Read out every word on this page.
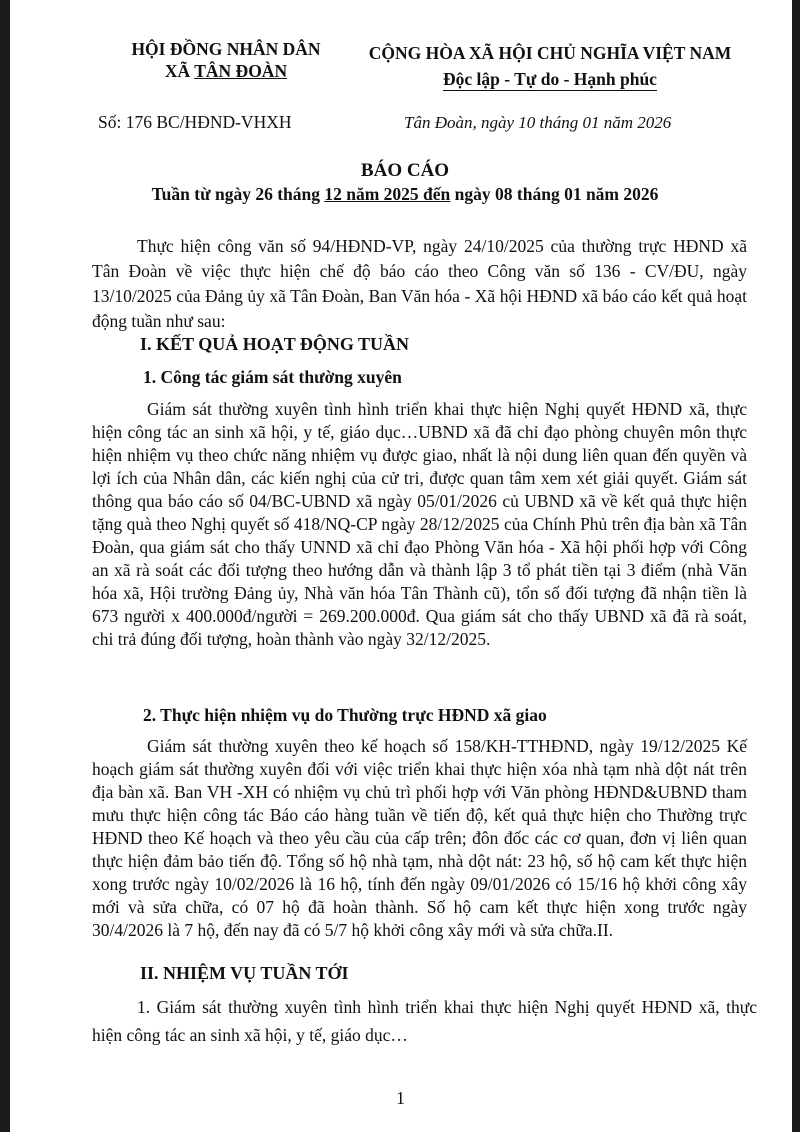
HỘI ĐỒNG NHÂN DÂN
XÃ TÂN ĐOÀN
CỘNG HÒA XÃ HỘI CHỦ NGHĨA VIỆT NAM
Độc lập - Tự do - Hạnh phúc
Số: 176 BC/HĐND-VHXH	Tân Đoàn, ngày 10 tháng 01 năm 2026
BÁO CÁO
Tuần từ ngày 26 tháng 12 năm 2025 đến ngày 08 tháng 01 năm 2026

Thực hiện công văn số 94/HĐND-VP, ngày 24/10/2025 của thường trực HĐND xã Tân Đoàn về việc thực hiện chế độ báo cáo theo Công văn số 136 - CV/ĐU, ngày 13/10/2025 của Đảng ủy xã Tân Đoàn, Ban Văn hóa - Xã hội HĐND xã báo cáo kết quả hoạt động tuần như sau:

I. KẾT QUẢ HOẠT ĐỘNG TUẦN

1. Công tác giám sát thường xuyên

Giám sát thường xuyên tình hình triển khai thực hiện Nghị quyết HĐND xã, thực hiện công tác an sinh xã hội, y tế, giáo dục…UBND xã đã chỉ đạo phòng chuyên môn thực hiện nhiệm vụ theo chức năng nhiệm vụ được giao, nhất là nội dung liên quan đến quyền và lợi ích của Nhân dân, các kiến nghị của cử tri, được quan tâm xem xét giải quyết. Giám sát thông qua báo cáo số 04/BC-UBND xã ngày 05/01/2026 củ UBND xã về kết quả thực hiện tặng quà theo Nghị quyết số 418/NQ-CP ngày 28/12/2025 của Chính Phủ trên địa bàn xã Tân Đoàn, qua giám sát cho thấy UNND xã chỉ đạo Phòng Văn hóa - Xã hội phối hợp với Công an xã rà soát các đối tượng theo hướng dẫn và thành lập 3 tổ phát tiền tại 3 điểm (nhà Văn hóa xã, Hội trường Đảng ủy, Nhà văn hóa Tân Thành cũ), tổn số đối tượng đã nhận tiền là 673 người x 400.000đ/người = 269.200.000đ. Qua giám sát cho thấy UBND xã đã rà soát, chi trả đúng đối tượng, hoàn thành vào ngày 32/12/2025.

2. Thực hiện nhiệm vụ do Thường trực HĐND xã giao

Giám sát thường xuyên theo kế hoạch số 158/KH-TTHĐND, ngày 19/12/2025 Kế hoạch giám sát thường xuyên đối với việc triển khai thực hiện xóa nhà tạm nhà dột nát trên địa bàn xã. Ban VH -XH có nhiệm vụ chủ trì phối hợp với Văn phòng HĐND&UBND tham mưu thực hiện công tác Báo cáo hàng tuần về tiến độ, kết quả thực hiện cho Thường trực HĐND theo Kế hoạch và theo yêu cầu của cấp trên; đôn đốc các cơ quan, đơn vị liên quan thực hiện đảm bảo tiến độ. Tổng số hộ nhà tạm, nhà dột nát: 23 hộ, số hộ cam kết thực hiện xong trước ngày 10/02/2026 là 16 hộ, tính đến ngày 09/01/2026 có 15/16 hộ khởi công xây mới và sửa chữa, có 07 hộ đã hoàn thành. Số hộ cam kết thực hiện xong trước ngày 30/4/2026 là 7 hộ, đến nay đã có 5/7 hộ khởi công xây mới và sửa chữa.II.

II. NHIỆM VỤ TUẦN TỚI

1. Giám sát thường xuyên tình hình triển khai thực hiện Nghị quyết HĐND xã, thực hiện công tác an sinh xã hội, y tế, giáo dục…

1
